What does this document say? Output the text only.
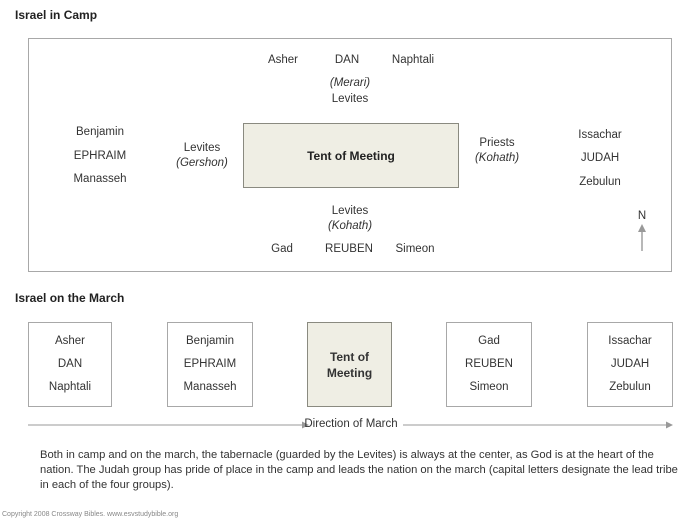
Israel in Camp
Asher	DAN	Naphtali
(Merari)
Levites
Benjamin
EPHRAIM
Manasseh
Levites
(Gershon)
Tent of Meeting
Priests
(Kohath)
Issachar
JUDAH
Zebulun
Levites
(Kohath)
Gad	REUBEN	Simeon
N
Israel on the March
Asher
DAN
Naphtali
Benjamin
EPHRAIM
Manasseh
Tent of
Meeting
Gad
REUBEN
Simeon
Issachar
JUDAH
Zebulun
Direction of March
Both in camp and on the march, the tabernacle (guarded by the Levites) is always at the center, as God is at the heart of the nation. The Judah group has pride of place in the camp and leads the nation on the march (capital letters designate the lead tribe in each of the four groups).
Copyright 2008 Crossway Bibles. www.esvstudybible.org
